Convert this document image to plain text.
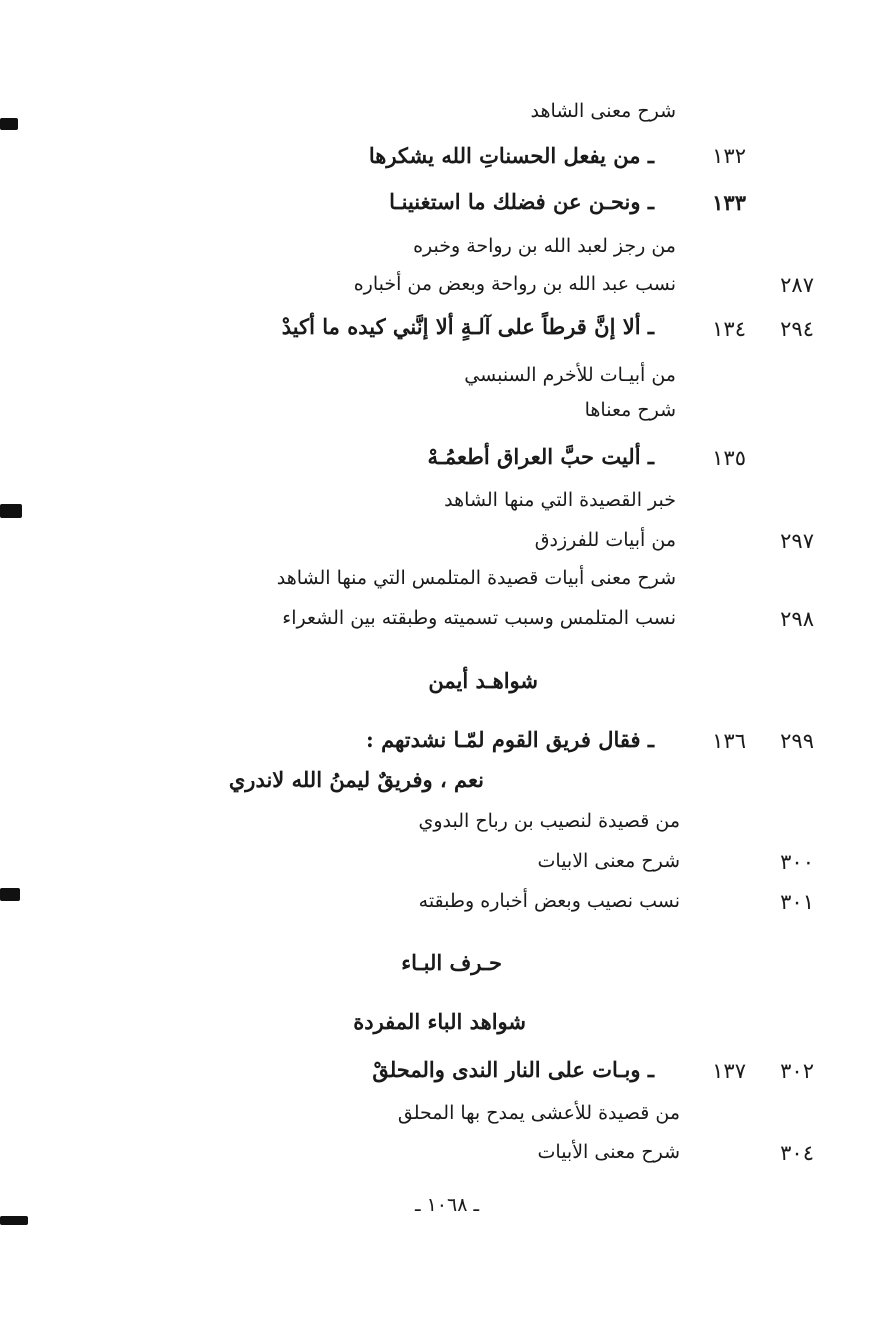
شرح معنى الشاهد
١٣٢
ـ من يفعل الحسناتِ الله يشكرها
١٣٣
ـ ونحـن عن فضلك ما استغنينـا
من رجز لعبد الله بن رواحة وخبره
٢٨٧
نسب عبد الله بن رواحة وبعض من أخباره
٢٩٤
١٣٤
ـ ألا إنَّ قرطاً على آلـةٍ ألا إنَّني كيده ما أكيدْ
من أبيـات للأخرم السنبسي
شرح معناها
١٣٥
ـ أليت حبَّ العراق أطعمُـهْ
خبر القصيدة التي منها الشاهد
٢٩٧
من أبيات للفرزدق
شرح معنى أبيات قصيدة المتلمس التي منها الشاهد
٢٩٨
نسب المتلمس وسبب تسميته وطبقته بين الشعراء
شواهـد أيمن
٢٩٩
١٣٦
ـ فقال فريق القوم لمّـا نشدتهم :
نعم ، وفريقٌ ليمنُ الله لاندري
من قصيدة لنصيب بن رباح البدوي
٣٠٠
شرح معنى الابيات
٣٠١
نسب نصيب وبعض أخباره وطبقته
حـرف البـاء
شواهد الباء المفردة
٣٠٢
١٣٧
ـ وبـات على النار الندى والمحلقْ
من قصيدة للأعشى يمدح بها المحلق
٣٠٤
شرح معنى الأبيات
ـ ١٠٦٨ ـ
